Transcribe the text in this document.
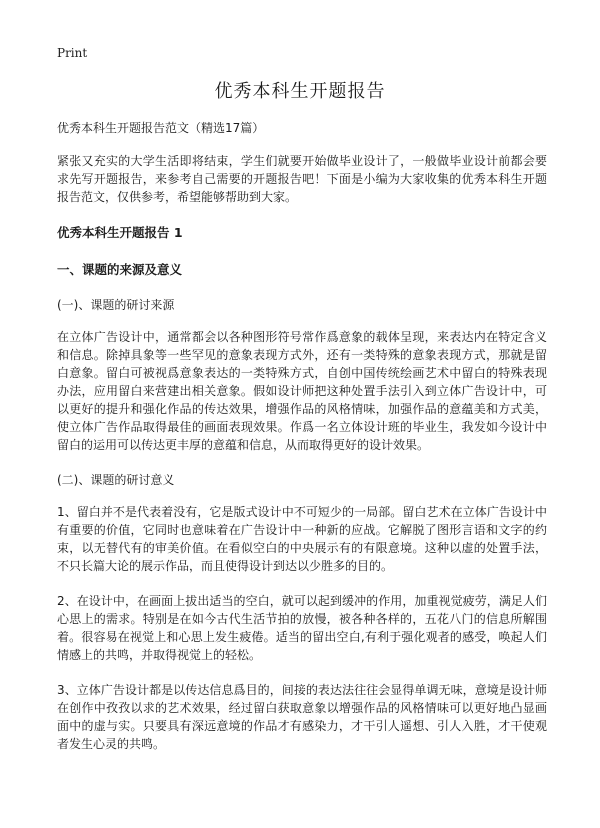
Print
优秀本科生开题报告

优秀本科生开题报告范文（精选17篇）

紧张又充实的大学生活即将结束，学生们就要开始做毕业设计了，一般做毕业设计前都会要求先写开题报告，来参考自己需要的开题报告吧！下面是小编为大家收集的优秀本科生开题报告范文，仅供参考，希望能够帮助到大家。

优秀本科生开题报告 1

一、课题的来源及意义

(一)、课题的研讨来源

在立体广告设计中，通常都会以各种图形符号常作爲意象的载体呈现，来表达内在特定含义和信息。除掉具象等一些罕见的意象表现方式外，还有一类特殊的意象表现方式，那就是留白意象。留白可被视爲意象表达的一类特殊方式，自创中国传统绘画艺术中留白的特殊表现办法，应用留白来营建出相关意象。假如设计师把这种处置手法引入到立体广告设计中，可以更好的提升和强化作品的传达效果，增强作品的风格情味，加强作品的意蕴美和方式美，使立体广告作品取得最佳的画面表现效果。作爲一名立体设计班的毕业生，我发如今设计中留白的运用可以传达更丰厚的意蕴和信息，从而取得更好的设计效果。

(二)、课题的研讨意义

1、留白并不是代表着没有，它是版式设计中不可短少的一局部。留白艺术在立体广告设计中有重要的价值，它同时也意味着在广告设计中一种新的应战。它解脱了图形言语和文字的约束，以无替代有的审美价值。在看似空白的中央展示有的有限意境。这种以虚的处置手法，不只长篇大论的展示作品，而且使得设计到达以少胜多的目的。

2、在设计中，在画面上拔出适当的空白，就可以起到缓冲的作用，加重视觉疲劳，满足人们心思上的需求。特别是在如今古代生活节拍的放慢，被各种各样的，五花八门的信息所解围着。很容易在视觉上和心思上发生疲倦。适当的留出空白,有利于强化观者的感受，唤起人们情感上的共鸣，并取得视觉上的轻松。

3、立体广告设计都是以传达信息爲目的，间接的表达法往往会显得单调无味，意境是设计师在创作中孜孜以求的艺术效果，经过留白获取意象以增强作品的风格情味可以更好地凸显画面中的虚与实。只要具有深远意境的作品才有感染力，才干引人遥想、引人入胜，才干使观者发生心灵的共鸣。
